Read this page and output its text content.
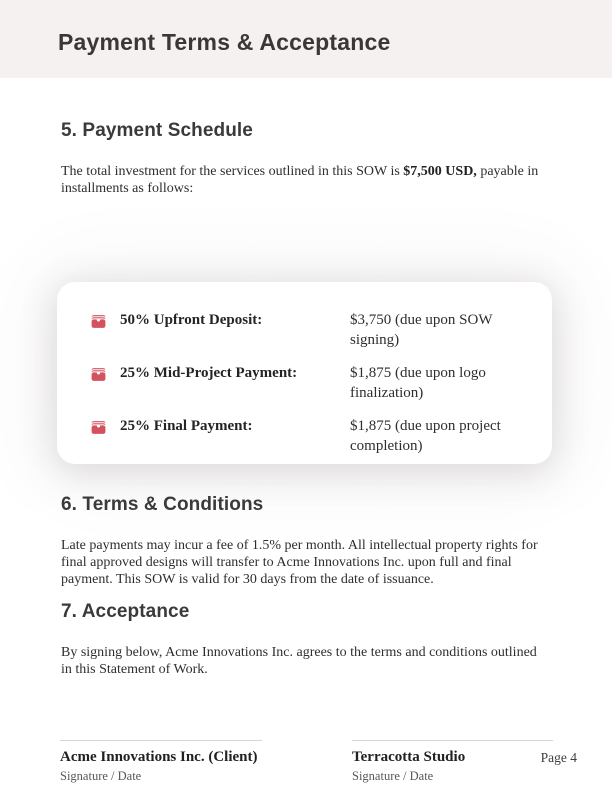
Payment Terms & Acceptance
5. Payment Schedule

The total investment for the services outlined in this SOW is $7,500 USD, payable in installments as follows:

50% Upfront Deposit:	$3,750 (due upon SOW signing)
25% Mid-Project Payment:	$1,875 (due upon logo finalization)
25% Final Payment:	$1,875 (due upon project completion)
6. Terms & Conditions

Late payments may incur a fee of 1.5% per month. All intellectual property rights for final approved designs will transfer to Acme Innovations Inc. upon full and final payment. This SOW is valid for 30 days from the date of issuance.

7. Acceptance

By signing below, Acme Innovations Inc. agrees to the terms and conditions outlined in this Statement of Work.

Acme Innovations Inc. (Client)
Signature / Date
Terracotta Studio
Signature / Date
Page 4
